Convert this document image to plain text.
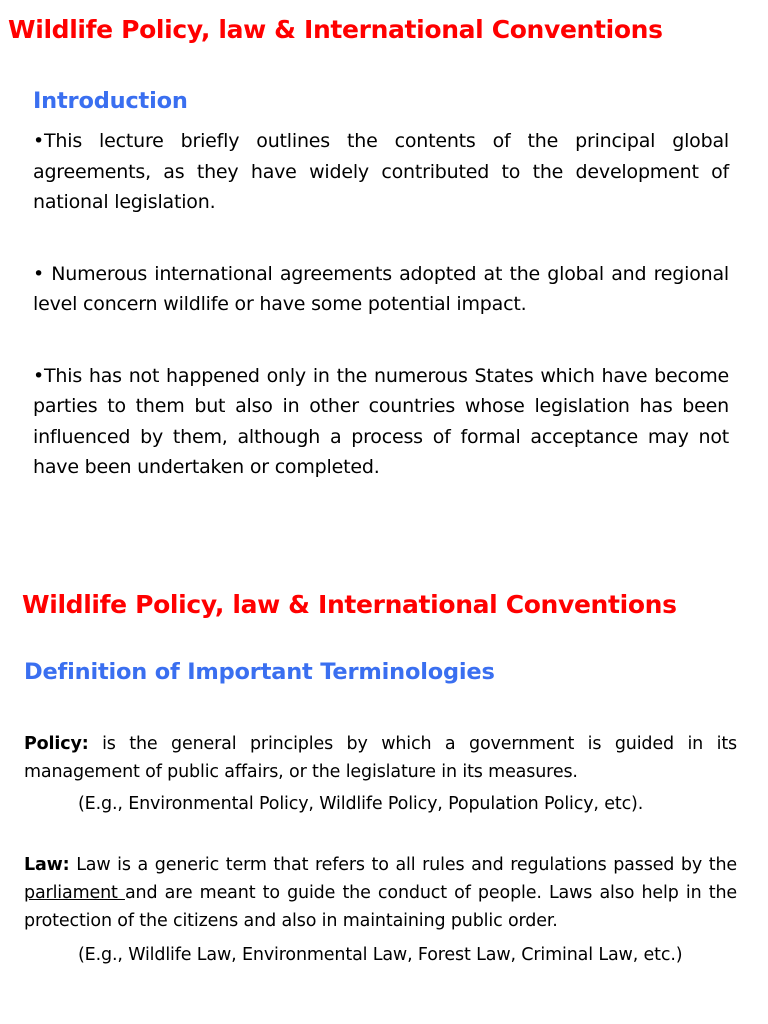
Wildlife Policy, law & International Conventions
Introduction

•This lecture briefly outlines the contents of the principal global agreements, as they have widely contributed to the development of national legislation.

• Numerous international agreements adopted at the global and regional level concern wildlife or have some potential impact.

•This has not happened only in the numerous States which have become parties to them but also in other countries whose legislation has been influenced by them, although a process of formal acceptance may not have been undertaken or completed.

Wildlife Policy, law & International Conventions
Definition of Important Terminologies

Policy: is the general principles by which a government is guided in its management of public affairs, or the legislature in its measures.

(E.g., Environmental Policy, Wildlife Policy, Population Policy, etc).

Law: Law is a generic term that refers to all rules and regulations passed by the parliament and are meant to guide the conduct of people. Laws also help in the protection of the citizens and also in maintaining public order.

(E.g., Wildlife Law, Environmental Law, Forest Law, Criminal Law, etc.)
